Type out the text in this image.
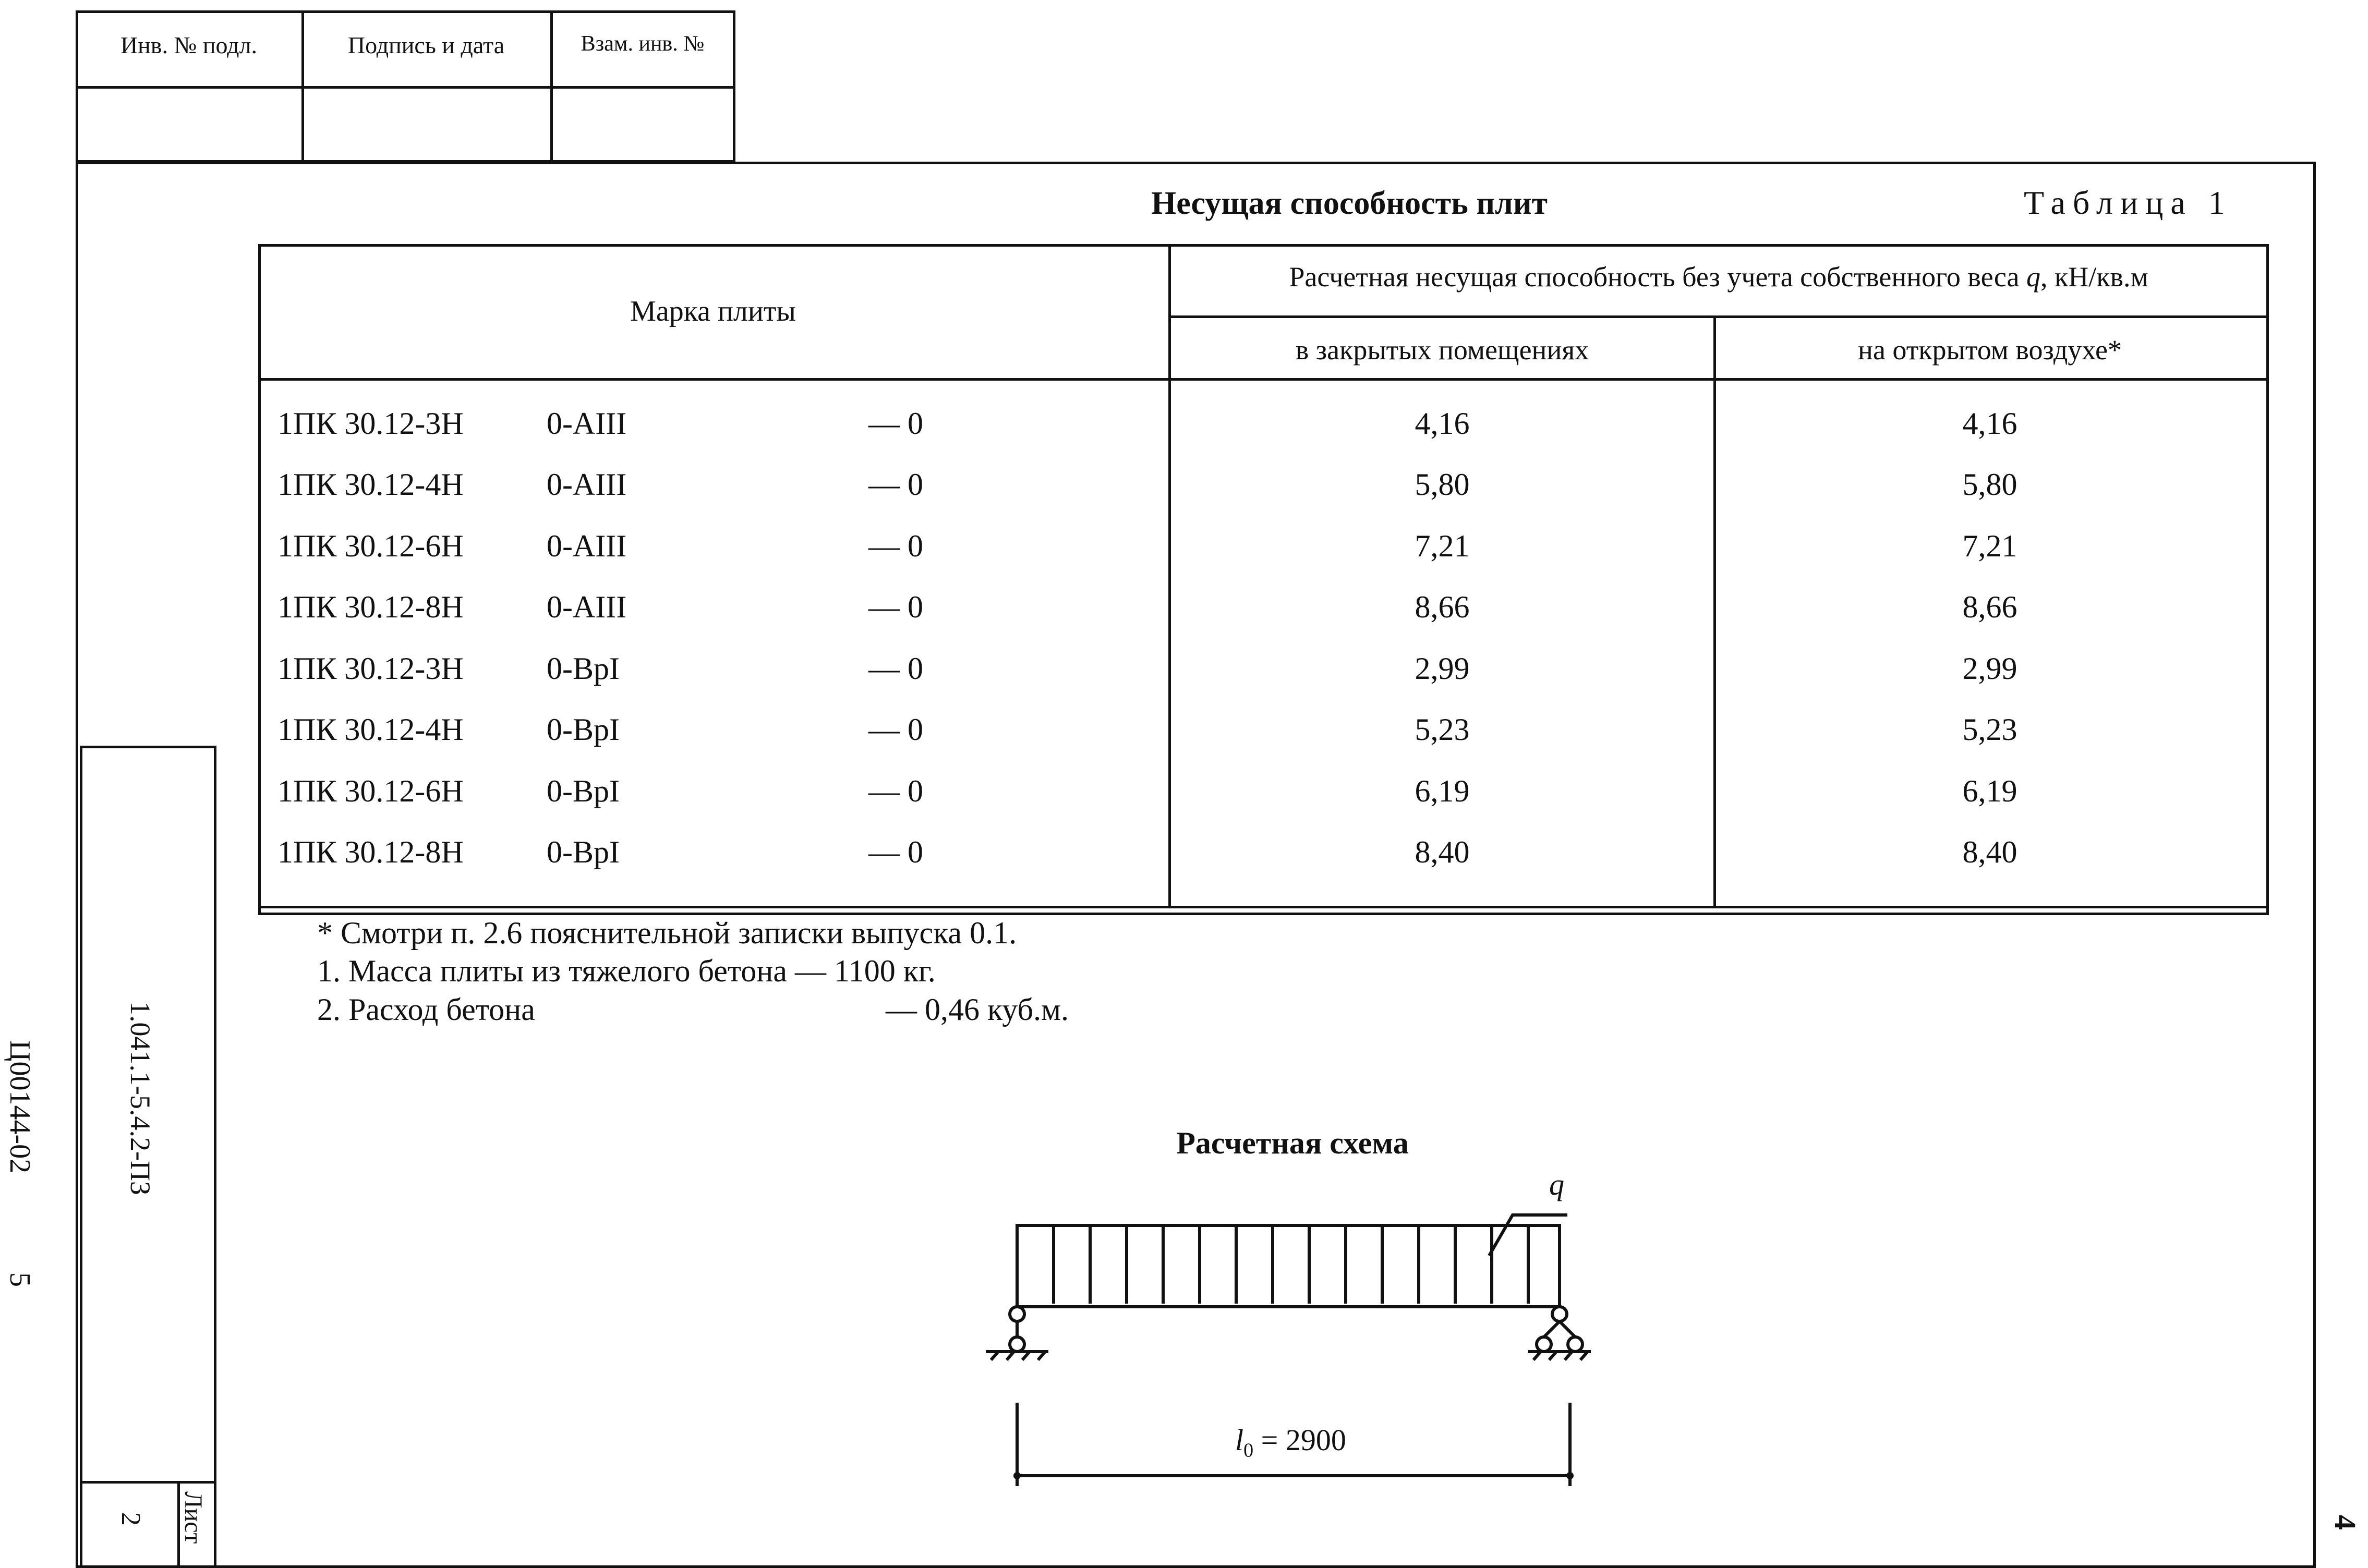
Инв. № подл.	Подпись и дата	Взам. инв. №
1.041.1-5.4.2-ПЗ
Лист
2
Ц00144-02
5
4
Несущая способность плит	Таблица 1
Марка плиты
Расчетная несущая способность без учета собственного веса q, кН/кв.м
в закрытых помещениях	на открытом воздухе*
1ПК 30.12-3Н	0-АIII	— 0	4,16	4,16
1ПК 30.12-4Н	0-АIII	— 0	5,80	5,80
1ПК 30.12-6Н	0-АIII	— 0	7,21	7,21
1ПК 30.12-8Н	0-АIII	— 0	8,66	8,66
1ПК 30.12-3Н	0-ВрI	— 0	2,99	2,99
1ПК 30.12-4Н	0-ВрI	— 0	5,23	5,23
1ПК 30.12-6Н	0-ВрI	— 0	6,19	6,19
1ПК 30.12-8Н	0-ВрI	— 0	8,40	8,40
* Смотри п. 2.6 пояснительной записки выпуска 0.1.
1. Масса плиты из тяжелого бетона — 1100 кг.
2. Расход бетона	— 0,46 куб.м.
Расчетная схема
q
$l_0 = 2900$
